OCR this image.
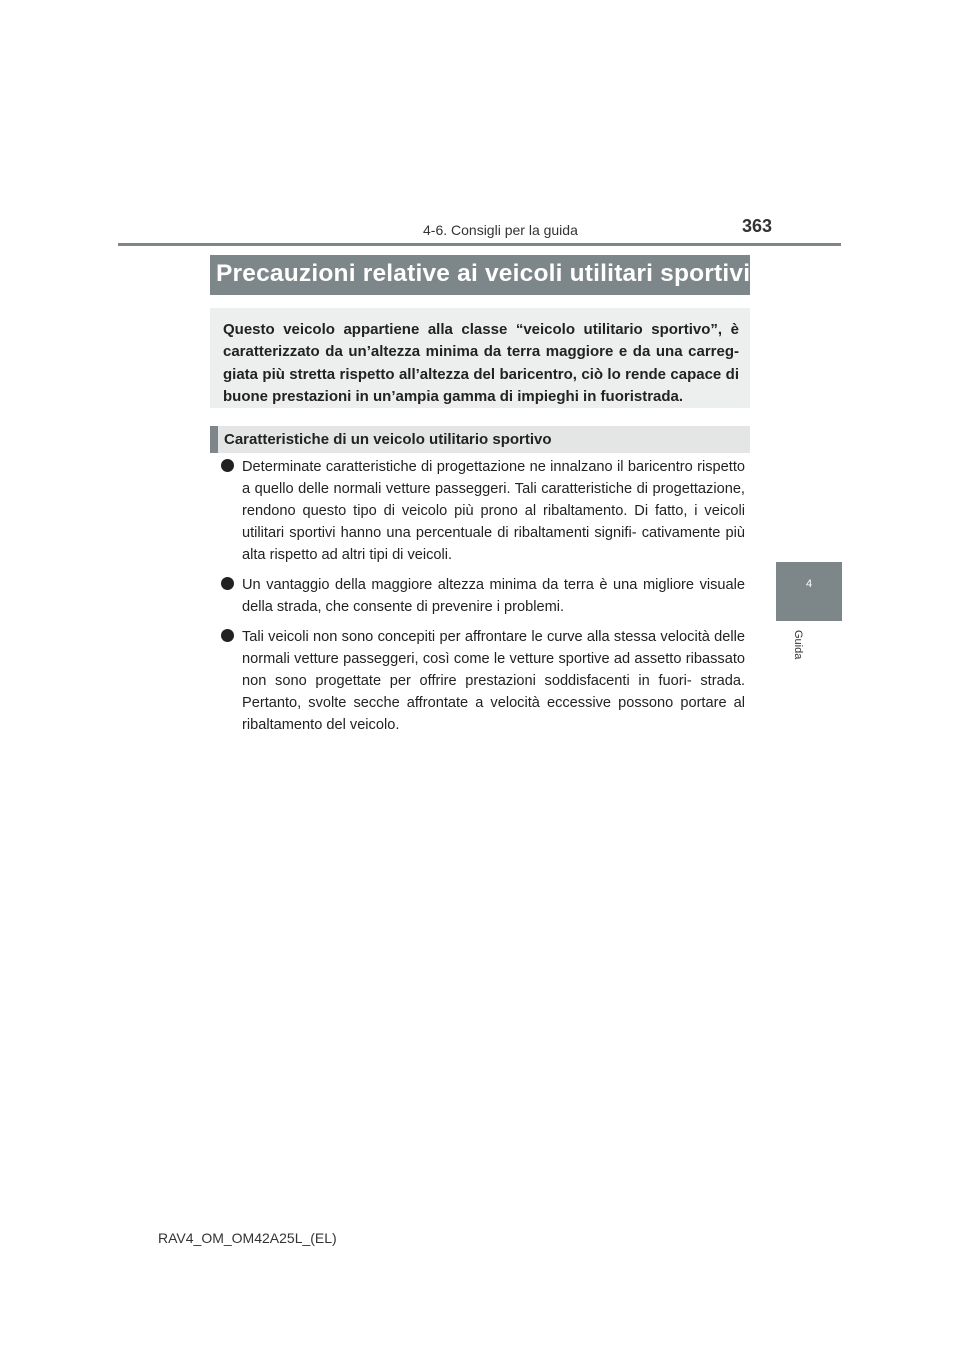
4-6. Consigli per la guida	363
Precauzioni relative ai veicoli utilitari sportivi

Questo veicolo appartiene alla classe “veicolo utilitario sportivo”, è caratterizzato da un’altezza minima da terra maggiore e da una carreg- giata più stretta rispetto all’altezza del baricentro, ciò lo rende capace di buone prestazioni in un’ampia gamma di impieghi in fuoristrada.

Caratteristiche di un veicolo utilitario sportivo

Determinate caratteristiche di progettazione ne innalzano il baricentro rispetto a quello delle normali vetture passeggeri. Tali caratteristiche di progettazione, rendono questo tipo di veicolo più prono al ribaltamento. Di fatto, i veicoli utilitari sportivi hanno una percentuale di ribaltamenti signifi- cativamente più alta rispetto ad altri tipi di veicoli.

Un vantaggio della maggiore altezza minima da terra è una migliore visuale della strada, che consente di prevenire i problemi.

Tali veicoli non sono concepiti per affrontare le curve alla stessa velocità delle normali vetture passeggeri, così come le vetture sportive ad assetto ribassato non sono progettate per offrire prestazioni soddisfacenti in fuori- strada. Pertanto, svolte secche affrontate a velocità eccessive possono portare al ribaltamento del veicolo.

4
Guida
RAV4_OM_OM42A25L_(EL)
